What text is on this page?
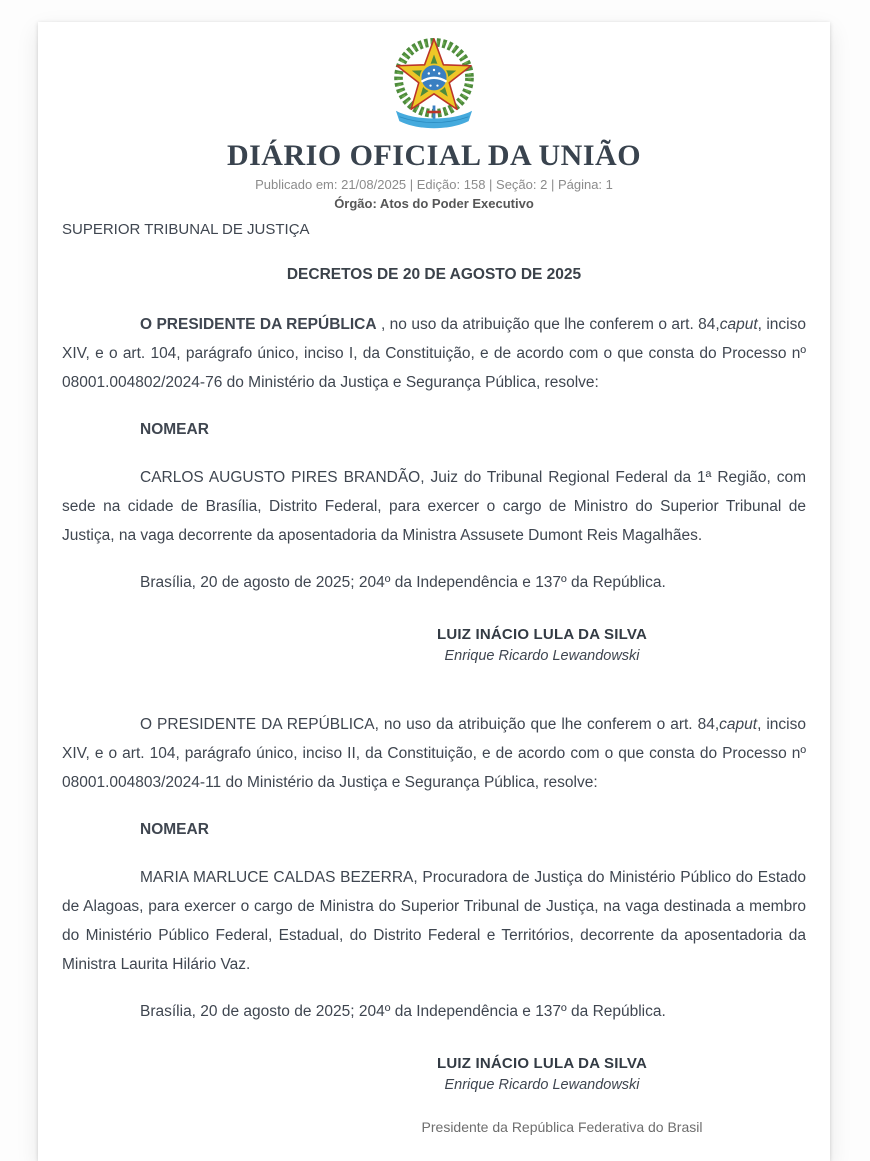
DIÁRIO OFICIAL DA UNIÃO
Publicado em: 21/08/2025 | Edição: 158 | Seção: 2 | Página: 1
Órgão: Atos do Poder Executivo
SUPERIOR TRIBUNAL DE JUSTIÇA
DECRETOS DE 20 DE AGOSTO DE 2025

O PRESIDENTE DA REPÚBLICA , no uso da atribuição que lhe conferem o art. 84,caput, inciso XIV, e o art. 104, parágrafo único, inciso I, da Constituição, e de acordo com o que consta do Processo nº 08001.004802/2024-76 do Ministério da Justiça e Segurança Pública, resolve:

NOMEAR

CARLOS AUGUSTO PIRES BRANDÃO, Juiz do Tribunal Regional Federal da 1ª Região, com sede na cidade de Brasília, Distrito Federal, para exercer o cargo de Ministro do Superior Tribunal de Justiça, na vaga decorrente da aposentadoria da Ministra Assusete Dumont Reis Magalhães.

Brasília, 20 de agosto de 2025; 204º da Independência e 137º da República.

LUIZ INÁCIO LULA DA SILVA
Enrique Ricardo Lewandowski

O PRESIDENTE DA REPÚBLICA, no uso da atribuição que lhe conferem o art. 84,caput, inciso XIV, e o art. 104, parágrafo único, inciso II, da Constituição, e de acordo com o que consta do Processo nº 08001.004803/2024-11 do Ministério da Justiça e Segurança Pública, resolve:

NOMEAR

MARIA MARLUCE CALDAS BEZERRA, Procuradora de Justiça do Ministério Público do Estado de Alagoas, para exercer o cargo de Ministra do Superior Tribunal de Justiça, na vaga destinada a membro do Ministério Público Federal, Estadual, do Distrito Federal e Territórios, decorrente da aposentadoria da Ministra Laurita Hilário Vaz.

Brasília, 20 de agosto de 2025; 204º da Independência e 137º da República.

LUIZ INÁCIO LULA DA SILVA
Enrique Ricardo Lewandowski
Presidente da República Federativa do Brasil
